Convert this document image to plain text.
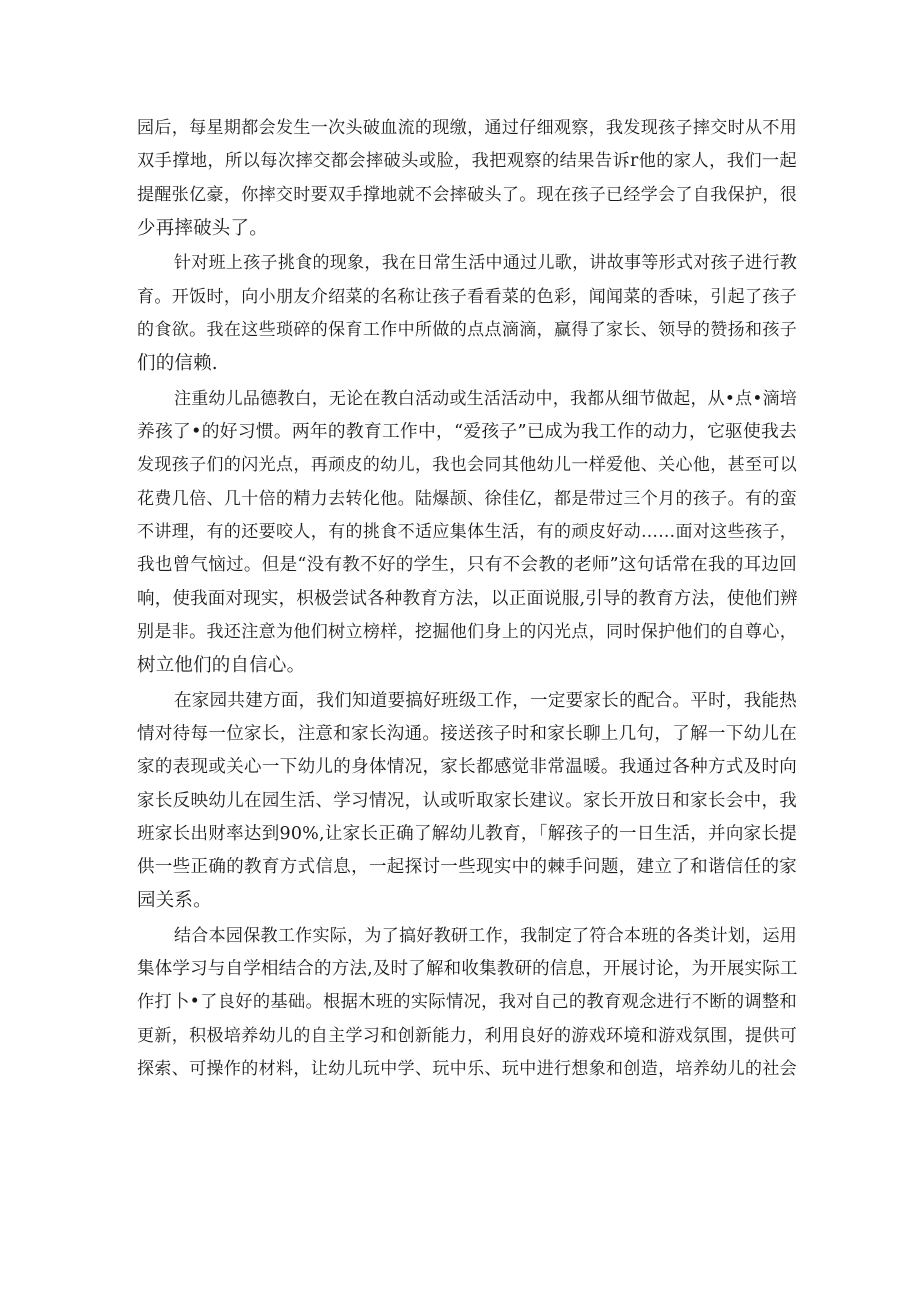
园后，每星期都会发生一次头破血流的现缴，通过仔细观察，我发现孩子摔交时从不用
双手撑地，所以每次摔交都会摔破头或脸，我把观察的结果告诉r他的家人，我们一起
提醒张亿豪，你摔交时要双手撑地就不会摔破头了。现在孩子已经学会了自我保护，很
少再摔破头了。
针对班上孩子挑食的现象，我在日常生活中通过儿歌，讲故事等形式对孩子进行教
育。开饭时，向小朋友介绍菜的名称让孩子看看菜的色彩，闻闻菜的香味，引起了孩子
的食欲。我在这些琐碎的保育工作中所做的点点滴滴，赢得了家长、领导的赞扬和孩子
们的信赖.
注重幼儿品德教白，无论在教白活动或生活活动中，我都从细节做起，从•点•滴培
养孩了•的好习惯。两年的教育工作中，“爱孩子”已成为我工作的动力，它驱使我去
发现孩子们的闪光点，再顽皮的幼儿，我也会同其他幼儿一样爱他、关心他，甚至可以
花费几倍、几十倍的精力去转化他。陆爆颉、徐佳亿，都是带过三个月的孩子。有的蛮
不讲理，有的还要咬人，有的挑食不适应集体生活，有的顽皮好动……面对这些孩子，
我也曾气恼过。但是“没有教不好的学生，只有不会教的老师”这句话常在我的耳边回
响，使我面对现实，枳极尝试各种教育方法，以正面说服,引导的教育方法，使他们辨
别是非。我还注意为他们树立榜样，挖掘他们身上的闪光点，同时保护他们的自尊心，
树立他们的自信心。
在家园共建方面，我们知道要搞好班级工作，一定要家长的配合。平时，我能热
情对待每一位家长，注意和家长沟通。接送孩子时和家长聊上几句，了解一下幼儿在
家的表现或关心一下幼儿的身体情况，家长都感觉非常温暖。我通过各种方式及时向
家长反映幼儿在园生活、学习情况，认或听取家长建议。家长开放日和家长会中，我
班家长出财率达到90%,让家长正确了解幼儿教育，「解孩子的一日生活，并向家长提
供一些正确的教育方式信息，一起探讨一些现实中的棘手问题，建立了和谐信任的家
园关系。
结合本园保教工作实际，为了搞好教研工作，我制定了符合本班的各类计划，运用
集体学习与自学相结合的方法,及时了解和收集教研的信息，开展讨论，为开展实际工
作打卜•了良好的基础。根据木班的实际情况，我对自己的教育观念进行不断的调整和
更新，积极培养幼儿的自主学习和创新能力，利用良好的游戏环境和游戏氛围，提供可
探索、可操作的材料，让幼儿玩中学、玩中乐、玩中进行想象和创造，培养幼儿的社会
